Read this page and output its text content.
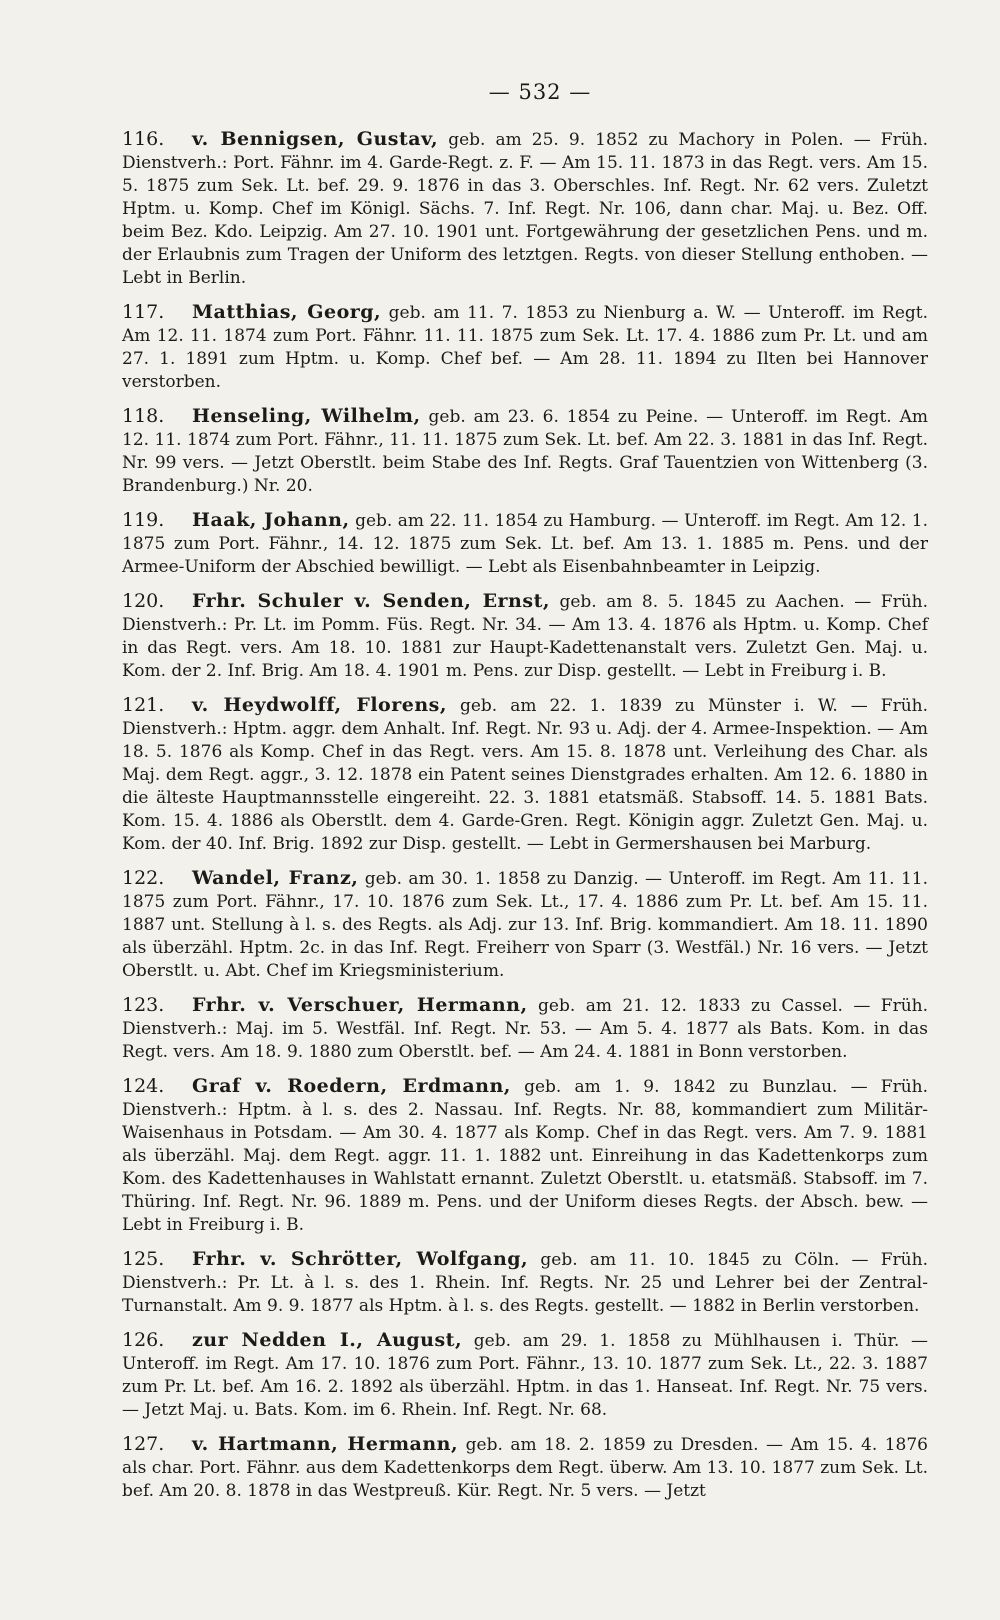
— 532 —
116.	v. Bennigsen, Gustav, geb. am 25. 9. 1852 zu Machory in Polen. — Früh. Dienstverh.: Port. Fähnr. im 4. Garde-Regt. z. F. — Am 15. 11. 1873 in das Regt. vers. Am 15. 5. 1875 zum Sek. Lt. bef. 29. 9. 1876 in das 3. Oberschles. Inf. Regt. Nr. 62 vers. Zuletzt Hptm. u. Komp. Chef im Königl. Sächs. 7. Inf. Regt. Nr. 106, dann char. Maj. u. Bez. Off. beim Bez. Kdo. Leipzig. Am 27. 10. 1901 unt. Fortgewährung der gesetzlichen Pens. und m. der Erlaubnis zum Tragen der Uniform des letztgen. Regts. von dieser Stellung enthoben. — Lebt in Berlin.
117.	Matthias, Georg, geb. am 11. 7. 1853 zu Nienburg a. W. — Unteroff. im Regt. Am 12. 11. 1874 zum Port. Fähnr. 11. 11. 1875 zum Sek. Lt. 17. 4. 1886 zum Pr. Lt. und am 27. 1. 1891 zum Hptm. u. Komp. Chef bef. — Am 28. 11. 1894 zu Ilten bei Hannover verstorben.
118.	Henseling, Wilhelm, geb. am 23. 6. 1854 zu Peine. — Unteroff. im Regt. Am 12. 11. 1874 zum Port. Fähnr., 11. 11. 1875 zum Sek. Lt. bef. Am 22. 3. 1881 in das Inf. Regt. Nr. 99 vers. — Jetzt Oberstlt. beim Stabe des Inf. Regts. Graf Tauentzien von Wittenberg (3. Brandenburg.) Nr. 20.
119.	Haak, Johann, geb. am 22. 11. 1854 zu Hamburg. — Unteroff. im Regt. Am 12. 1. 1875 zum Port. Fähnr., 14. 12. 1875 zum Sek. Lt. bef. Am 13. 1. 1885 m. Pens. und der Armee-Uniform der Abschied bewilligt. — Lebt als Eisenbahnbeamter in Leipzig.
120.	Frhr. Schuler v. Senden, Ernst, geb. am 8. 5. 1845 zu Aachen. — Früh. Dienstverh.: Pr. Lt. im Pomm. Füs. Regt. Nr. 34. — Am 13. 4. 1876 als Hptm. u. Komp. Chef in das Regt. vers. Am 18. 10. 1881 zur Haupt-Kadettenanstalt vers. Zuletzt Gen. Maj. u. Kom. der 2. Inf. Brig. Am 18. 4. 1901 m. Pens. zur Disp. gestellt. — Lebt in Freiburg i. B.
121.	v. Heydwolff, Florens, geb. am 22. 1. 1839 zu Münster i. W. — Früh. Dienstverh.: Hptm. aggr. dem Anhalt. Inf. Regt. Nr. 93 u. Adj. der 4. Armee-Inspektion. — Am 18. 5. 1876 als Komp. Chef in das Regt. vers. Am 15. 8. 1878 unt. Verleihung des Char. als Maj. dem Regt. aggr., 3. 12. 1878 ein Patent seines Dienstgrades erhalten. Am 12. 6. 1880 in die älteste Hauptmannsstelle eingereiht. 22. 3. 1881 etatsmäß. Stabsoff. 14. 5. 1881 Bats. Kom. 15. 4. 1886 als Oberstlt. dem 4. Garde-Gren. Regt. Königin aggr. Zuletzt Gen. Maj. u. Kom. der 40. Inf. Brig. 1892 zur Disp. gestellt. — Lebt in Germershausen bei Marburg.
122.	Wandel, Franz, geb. am 30. 1. 1858 zu Danzig. — Unteroff. im Regt. Am 11. 11. 1875 zum Port. Fähnr., 17. 10. 1876 zum Sek. Lt., 17. 4. 1886 zum Pr. Lt. bef. Am 15. 11. 1887 unt. Stellung à l. s. des Regts. als Adj. zur 13. Inf. Brig. kommandiert. Am 18. 11. 1890 als überzähl. Hptm. 2c. in das Inf. Regt. Freiherr von Sparr (3. Westfäl.) Nr. 16 vers. — Jetzt Oberstlt. u. Abt. Chef im Kriegsministerium.
123.	Frhr. v. Verschuer, Hermann, geb. am 21. 12. 1833 zu Cassel. — Früh. Dienstverh.: Maj. im 5. Westfäl. Inf. Regt. Nr. 53. — Am 5. 4. 1877 als Bats. Kom. in das Regt. vers. Am 18. 9. 1880 zum Oberstlt. bef. — Am 24. 4. 1881 in Bonn verstorben.
124.	Graf v. Roedern, Erdmann, geb. am 1. 9. 1842 zu Bunzlau. — Früh. Dienstverh.: Hptm. à l. s. des 2. Nassau. Inf. Regts. Nr. 88, kommandiert zum Militär-Waisenhaus in Potsdam. — Am 30. 4. 1877 als Komp. Chef in das Regt. vers. Am 7. 9. 1881 als überzähl. Maj. dem Regt. aggr. 11. 1. 1882 unt. Einreihung in das Kadettenkorps zum Kom. des Kadettenhauses in Wahlstatt ernannt. Zuletzt Oberstlt. u. etatsmäß. Stabsoff. im 7. Thüring. Inf. Regt. Nr. 96. 1889 m. Pens. und der Uniform dieses Regts. der Absch. bew. — Lebt in Freiburg i. B.
125.	Frhr. v. Schrötter, Wolfgang, geb. am 11. 10. 1845 zu Cöln. — Früh. Dienstverh.: Pr. Lt. à l. s. des 1. Rhein. Inf. Regts. Nr. 25 und Lehrer bei der Zentral-Turnanstalt. Am 9. 9. 1877 als Hptm. à l. s. des Regts. gestellt. — 1882 in Berlin verstorben.
126.	zur Nedden I., August, geb. am 29. 1. 1858 zu Mühlhausen i. Thür. — Unteroff. im Regt. Am 17. 10. 1876 zum Port. Fähnr., 13. 10. 1877 zum Sek. Lt., 22. 3. 1887 zum Pr. Lt. bef. Am 16. 2. 1892 als überzähl. Hptm. in das 1. Hanseat. Inf. Regt. Nr. 75 vers. — Jetzt Maj. u. Bats. Kom. im 6. Rhein. Inf. Regt. Nr. 68.
127.	v. Hartmann, Hermann, geb. am 18. 2. 1859 zu Dresden. — Am 15. 4. 1876 als char. Port. Fähnr. aus dem Kadettenkorps dem Regt. überw. Am 13. 10. 1877 zum Sek. Lt. bef. Am 20. 8. 1878 in das Westpreuß. Kür. Regt. Nr. 5 vers. — Jetzt
